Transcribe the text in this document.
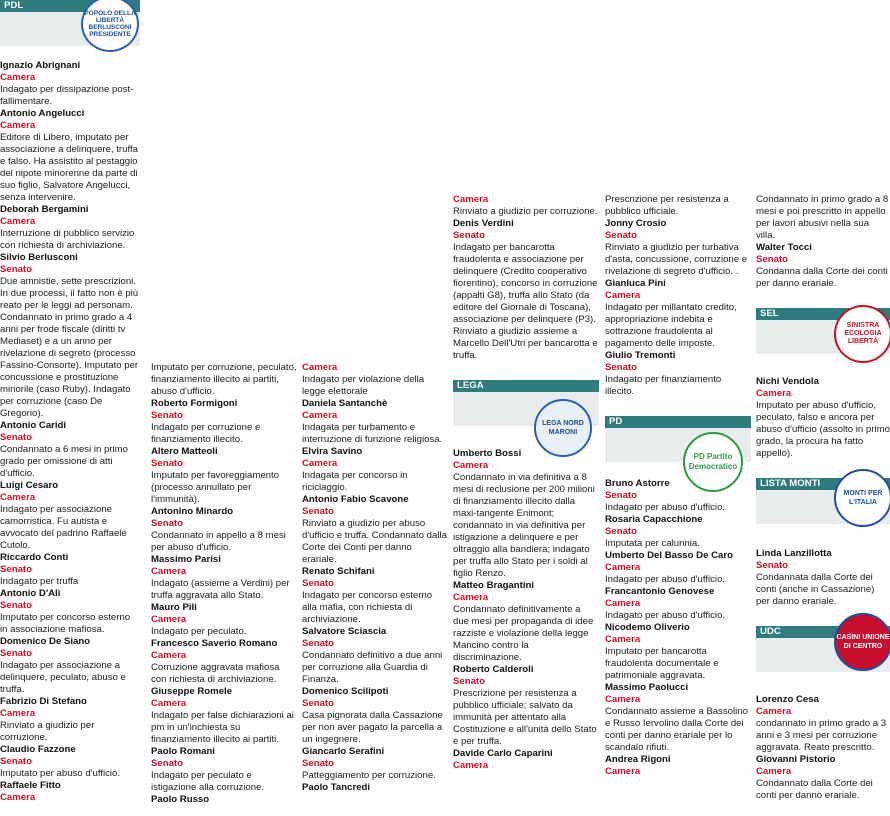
PDL
Ignazio Abrignani
Camera
Indagato per dissipazione post-fallimentare.
Antonio Angelucci
Camera
Editore di Libero, imputato per associazione a delinquere, truffa e falso. Ha assistito al pestaggio del nipote minorenne da parte di suo figlio, Salvatore Angelucci, senza intervenire.
Deborah Bergamini
Camera
Interruzione di pubblico servizio con richiesta di archiviazione.
Silvio Berlusconi
Senato
Due amnistie, sette prescrizioni. In due processi, il fatto non è più reato per le leggi ad personam. Condannato in primo grado a 4 anni per frode fiscale (diritti tv Mediaset) e a un anno per rivelazione di segreto (processo Fassino-Consorte). Imputato per concussione e prostituzione minorile (caso Ruby). Indagato per corruzione (caso De Gregorio).
Antonio Caridi
Senato
Condannato a 6 mesi in primo grado per omissione di atti d'ufficio.
Luigi Cesaro
Camera
Indagato per associazione camorristica. Fu autista e avvocato del padrino Raffaele Cutolo.
Riccardo Conti
Senato
Indagato per truffa
Antonio D'Alì
Senato
Imputato per concorso esterno in associazione mafiosa.
Domenico De Siano
Senato
Indagato per associazione a delinquere, peculato, abuso e truffa.
Fabrizio Di Stefano
Camera
Rinviato a giudizio per corruzione.
Claudio Fazzone
Senato
Imputato per abuso d'ufficio.
Raffaele Fitto
Camera
POPOLO DELLA LIBERTÀ BERLUSCONI PRESIDENTE
Imputato per corruzione, peculato, finanziamento illecito ai partiti, abuso d'ufficio.
Roberto Formigoni
Senato
Indagato per corruzione e finanziamento illecito.
Altero Matteoli
Senato
Imputato per favoreggiamento (processo annullato per l'immunità).
Antonino Minardo
Senato
Condannato in appello a 8 mesi per abuso d'ufficio.
Massimo Parisi
Camera
Indagato (assieme a Verdini) per truffa aggravata allo Stato.
Mauro Pili
Camera
Indagato per peculato.
Francesco Saverio Romano
Camera
Corruzione aggravata mafiosa con richiesta di archiviazione.
Giuseppe Romele
Camera
Indagato per false dichiarazioni ai pm in un'inchiesta su finanziamento illecito ai partiti.
Paolo Romani
Senato
Indagato per peculato e istigazione alla corruzione.
Paolo Russo
Camera
Indagato per violazione della legge elettorale
Daniela Santanchè
Camera
Indagata per turbamento e interruzione di funzione religiosa.
Elvira Savino
Camera
Indagata per concorso in riciclaggio.
Antonio Fabio Scavone
Senato
Rinviato a giudizio per abuso d'ufficio e truffa. Condannato dalla Corte dei Conti per danno erariale.
Renato Schifani
Senato
Indagato per concorso esterno alla mafia, con richiesta di archiviazione.
Salvatore Sciascia
Senato
Condannato definitivo a due anni per corruzione alla Guardia di Finanza.
Domenico Scilipoti
Senato
Casa pignorata dalla Cassazione per non aver pagato la parcella a un ingegnere.
Giancarlo Serafini
Senato
Patteggiamento per corruzione.
Paolo Tancredi
Camera
Rinviato a giudizio per corruzione.
Denis Verdini
Senato
Indagato per bancarotta fraudolenta e associazione per delinquere (Credito cooperativo fiorentino), concorso in corruzione (appalti G8), truffa allo Stato (da editore del Giornale di Toscana), associazione per delinquere (P3). Rinviato a giudizio assieme a Marcello Dell'Utri per bancarotta e truffa.
LEGA
Umberto Bossi
Camera
Condannato in via definitiva a 8 mesi di reclusione per 200 milioni di finanziamento illecito dalla maxi-tangente Enimont; condannato in via definitiva per istigazione a delinquere e per oltraggio alla bandiera; indagato per truffa allo Stato per i soldi al figlio Renzo.
Matteo Bragantini
Camera
Condannato definitivamente a due mesi per propaganda di idee razziste e violazione della legge Mancino contro la discriminazione.
Roberto Calderoli
Senato
Prescrizione per resistenza a pubblico ufficiale; salvato da immunità per attentato alla Costituzione e all'unità dello Stato e per truffa.
Davide Carlo Caparini
Camera
LEGA NORD MARONI
Prescrizione per resistenza a pubblico ufficiale.
Jonny Crosio
Senato
Rinviato a giudizio per turbativa d'asta, concussione, corruzione e rivelazione di segreto d'ufficio. .
Gianluca Pini
Camera
Indagato per millantato credito, appropriazione indebita e sottrazione fraudolenta al pagamento delle imposte.
Giulio Tremonti
Senato
Indagato per finanziamento illecito.
PD
Bruno Astorre
Senato
Indagato per abuso d'ufficio.
Rosaria Capacchione
Senato
Imputata per calunnia.
Umberto Del Basso De Caro
Camera
Indagato per abuso d'ufficio.
Francantonio Genovese
Camera
Indagato per abuso d'ufficio.
Nicodemo Oliverio
Camera
Imputato per bancarotta fraudolenta documentale e patrimoniale aggravata.
Massimo Paolucci
Camera
Condannato assieme a Bassolino e Russo Iervolino dalla Corte dei conti per danno erariale per lo scandalo rifiuti.
Andrea Rigoni
Camera
PD Partito Democratico
Condannato in primo grado a 8 mesi e poi prescritto in appello per lavori abusivi nella sua villa.
Walter Tocci
Senato
Condanna dalla Corte dei conti per danno erariale.
SEL
Nichi Vendola
Camera
Imputato per abuso d'ufficio, peculato, falso e ancora per abuso d'ufficio (assolto in primo grado, la procura ha fatto appello).
LISTA MONTI
Linda Lanzillotta
Senato
Condannata dalla Corte dei conti (anche in Cassazione) per danno erariale.
UDC
Lorenzo Cesa
Camera
condannato in primo grado a 3 anni e 3 mesi per corruzione aggravata. Reato prescritto.
Giovanni Pistorio
Camera
Condannato dalla Corte dei conti per danno erariale.
SINISTRA ECOLOGIA LIBERTÀ
MONTI PER L'ITALIA
CASINI UNIONE DI CENTRO
